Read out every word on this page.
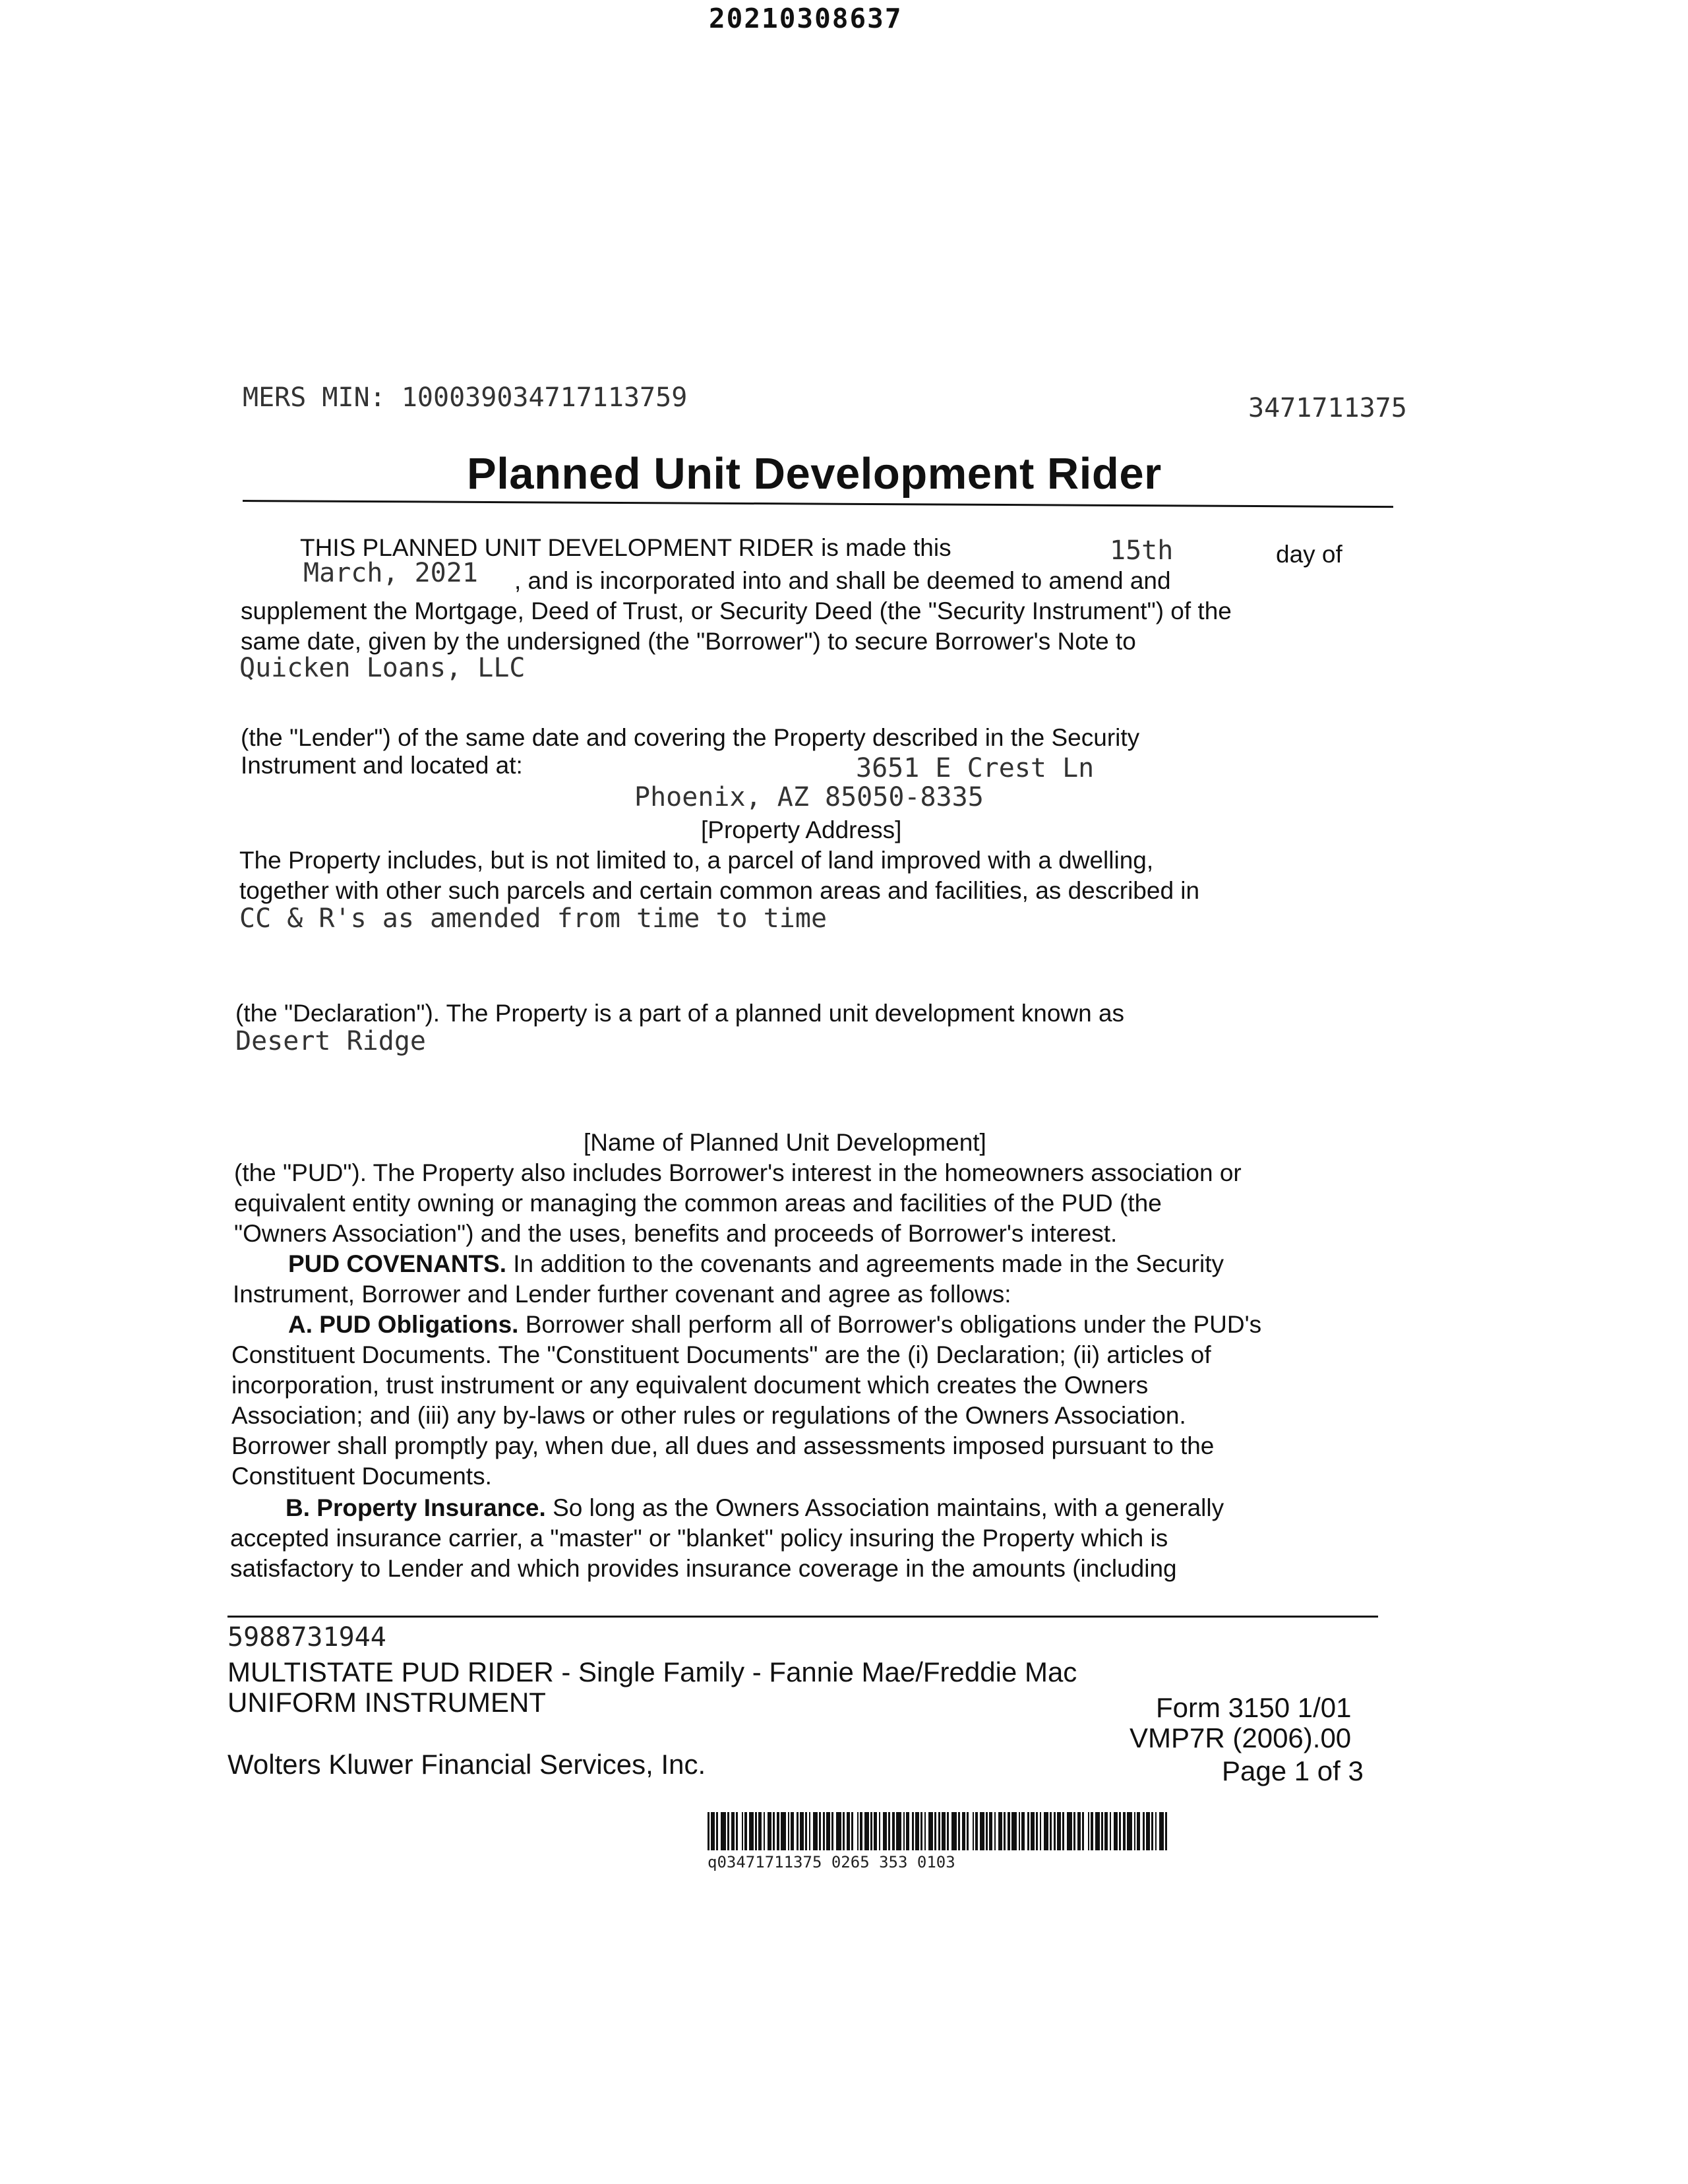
20210308637
MERS MIN: 100039034717113759	3471711375
Planned Unit Development Rider
THIS PLANNED UNIT DEVELOPMENT RIDER is made this	15th	day of
March, 2021 , and is incorporated into and shall be deemed to amend and
supplement the Mortgage, Deed of Trust, or Security Deed (the "Security Instrument") of the
same date, given by the undersigned (the "Borrower") to secure Borrower's Note to
Quicken Loans, LLC
(the "Lender") of the same date and covering the Property described in the Security
Instrument and located at:	3651 E Crest Ln
Phoenix, AZ 85050-8335
[Property Address]
The Property includes, but is not limited to, a parcel of land improved with a dwelling,
together with other such parcels and certain common areas and facilities, as described in
CC & R's as amended from time to time
(the "Declaration"). The Property is a part of a planned unit development known as
Desert Ridge
[Name of Planned Unit Development]
(the "PUD"). The Property also includes Borrower's interest in the homeowners association or
equivalent entity owning or managing the common areas and facilities of the PUD (the
"Owners Association") and the uses, benefits and proceeds of Borrower's interest.
PUD COVENANTS. In addition to the covenants and agreements made in the Security
Instrument, Borrower and Lender further covenant and agree as follows:
A. PUD Obligations. Borrower shall perform all of Borrower's obligations under the PUD's
Constituent Documents. The "Constituent Documents" are the (i) Declaration; (ii) articles of
incorporation, trust instrument or any equivalent document which creates the Owners
Association; and (iii) any by-laws or other rules or regulations of the Owners Association.
Borrower shall promptly pay, when due, all dues and assessments imposed pursuant to the
Constituent Documents.
B. Property Insurance. So long as the Owners Association maintains, with a generally
accepted insurance carrier, a "master" or "blanket" policy insuring the Property which is
satisfactory to Lender and which provides insurance coverage in the amounts (including
5988731944
MULTISTATE PUD RIDER - Single Family - Fannie Mae/Freddie Mac
UNIFORM INSTRUMENT	Form 3150 1/01
VMP7R (2006).00
Wolters Kluwer Financial Services, Inc.	Page 1 of 3
q03471711375 0265 353 0103
